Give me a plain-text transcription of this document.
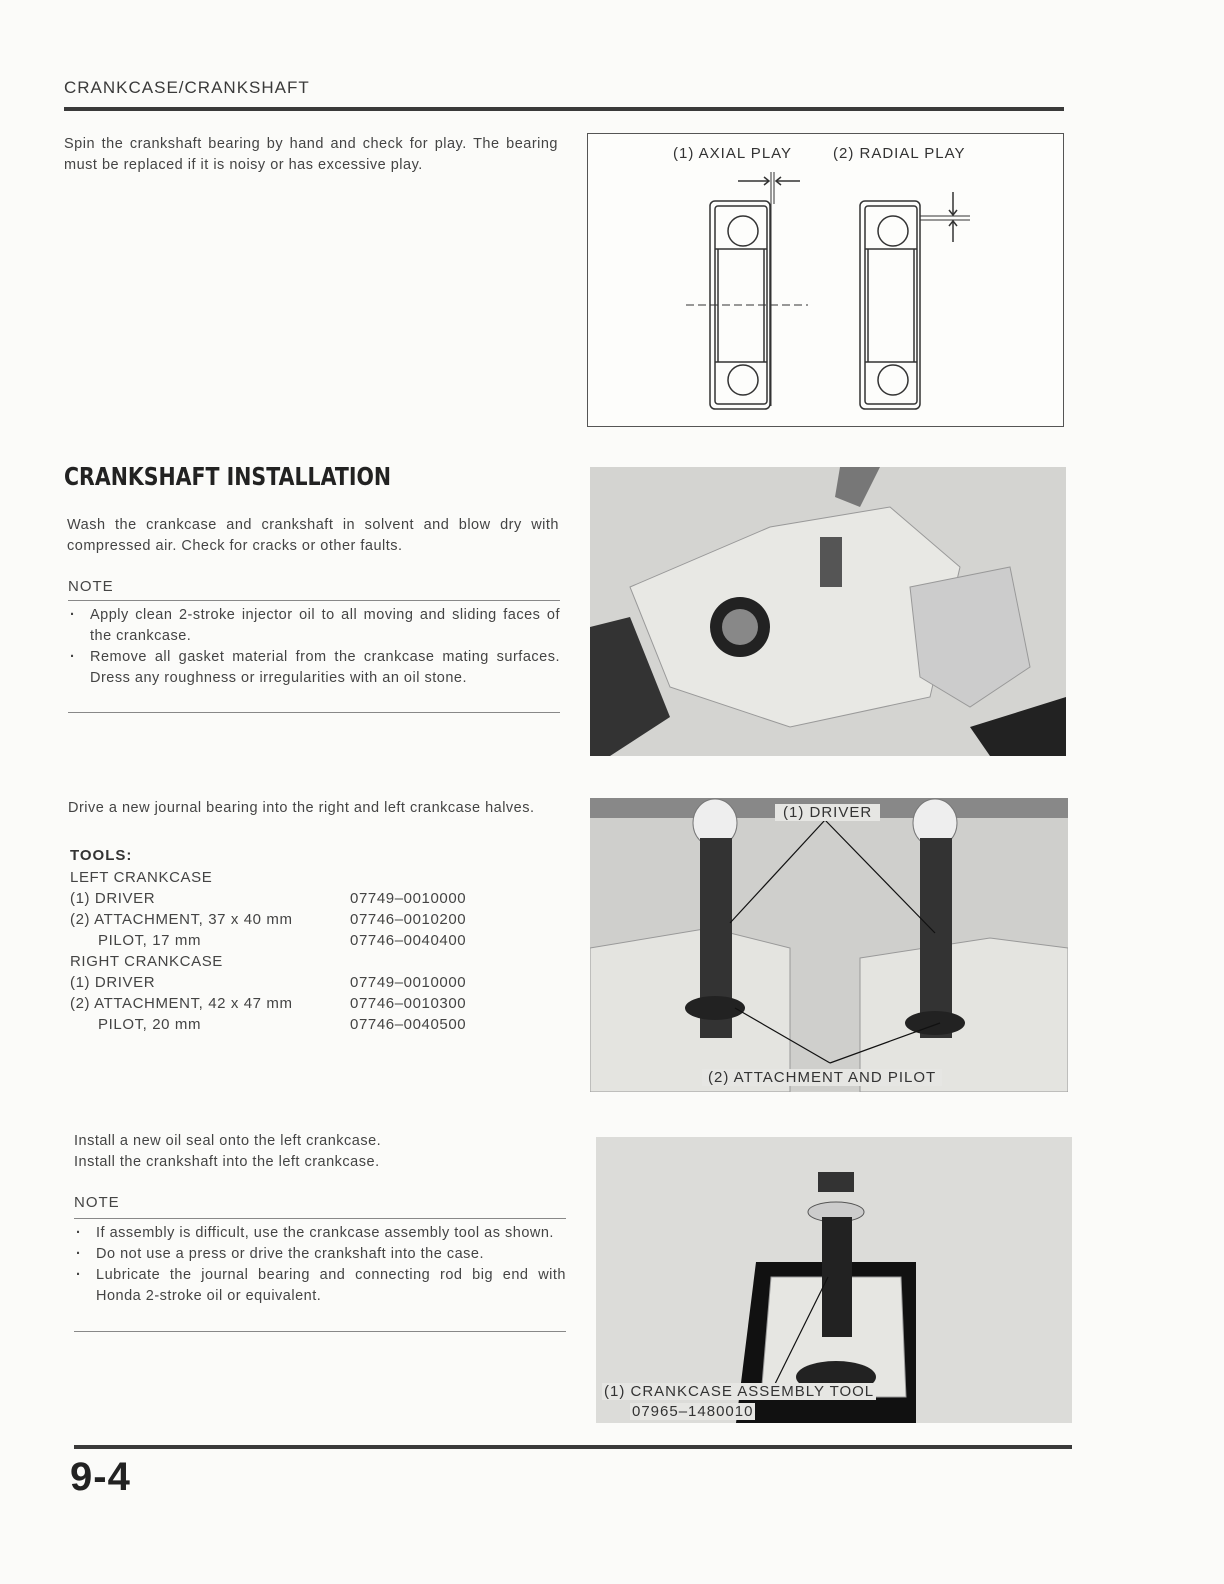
CRANKCASE/CRANKSHAFT
Spin the crankshaft bearing by hand and check for play. The bearing must be replaced if it is noisy or has excessive play.
(1) AXIAL PLAY	(2) RADIAL PLAY
CRANKSHAFT INSTALLATION
Wash the crankcase and crankshaft in solvent and blow dry with compressed air. Check for cracks or other faults.
NOTE
· Apply clean 2-stroke injector oil to all moving and sliding faces of the crankcase.
· Remove all gasket material from the crankcase mating surfaces. Dress any roughness or irregularities with an oil stone.
Drive a new journal bearing into the right and left crankcase halves.
TOOLS:
LEFT CRANKCASE
(1) DRIVER	07749–0010000
(2) ATTACHMENT, 37 x 40 mm	07746–0010200
PILOT, 17 mm	07746–0040400
RIGHT CRANKCASE
(1) DRIVER	07749–0010000
(2) ATTACHMENT, 42 x 47 mm	07746–0010300
PILOT, 20 mm	07746–0040500
(1) DRIVER
(2) ATTACHMENT AND PILOT
Install a new oil seal onto the left crankcase.
Install the crankshaft into the left crankcase.
NOTE
· If assembly is difficult, use the crankcase assembly tool as shown.
· Do not use a press or drive the crankshaft into the case.
· Lubricate the journal bearing and connecting rod big end with Honda 2-stroke oil or equivalent.
(1) CRANKCASE ASSEMBLY TOOL
07965–1480010
9-4
